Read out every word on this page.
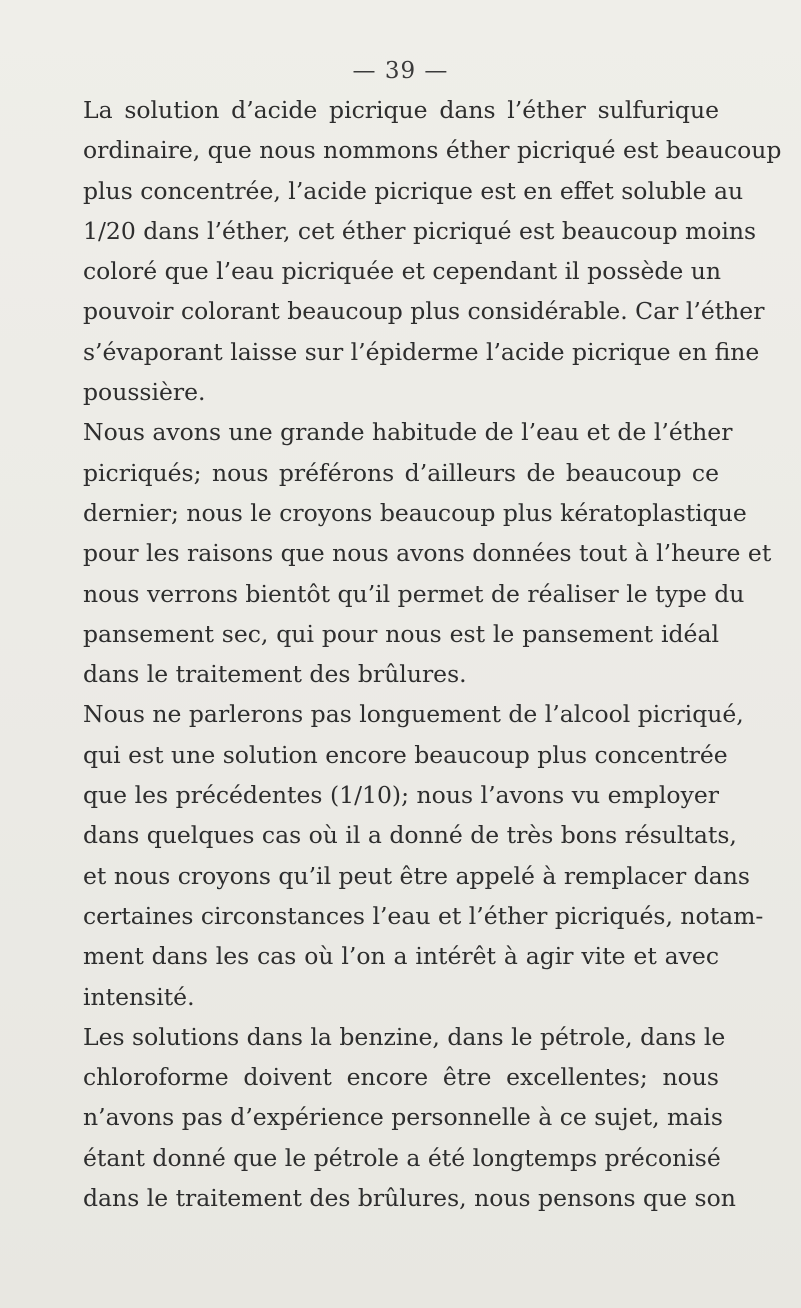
— 39 —

La solution d’acide picrique dans l’éther sulfurique
ordinaire, que nous nommons éther picriqué est beaucoup
plus concentrée, l’acide picrique est en effet soluble au
1/20 dans l’éther, cet éther picriqué est beaucoup moins
coloré que l’eau picriquée et cependant il possède un
pouvoir colorant beaucoup plus considérable. Car l’éther
s’évaporant laisse sur l’épiderme l’acide picrique en fine
poussière.

Nous avons une grande habitude de l’eau et de l’éther
picriqués; nous préférons d’ailleurs de beaucoup ce
dernier; nous le croyons beaucoup plus kératoplastique
pour les raisons que nous avons données tout à l’heure et
nous verrons bientôt qu’il permet de réaliser le type du
pansement sec, qui pour nous est le pansement idéal
dans le traitement des brûlures.

Nous ne parlerons pas longuement de l’alcool picriqué,
qui est une solution encore beaucoup plus concentrée
que les précédentes (1/10); nous l’avons vu employer
dans quelques cas où il a donné de très bons résultats,
et nous croyons qu’il peut être appelé à remplacer dans
certaines circonstances l’eau et l’éther picriqués, notam-
ment dans les cas où l’on a intérêt à agir vite et avec
intensité.

Les solutions dans la benzine, dans le pétrole, dans le
chloroforme doivent encore être excellentes; nous
n’avons pas d’expérience personnelle à ce sujet, mais
étant donné que le pétrole a été longtemps préconisé
dans le traitement des brûlures, nous pensons que son
